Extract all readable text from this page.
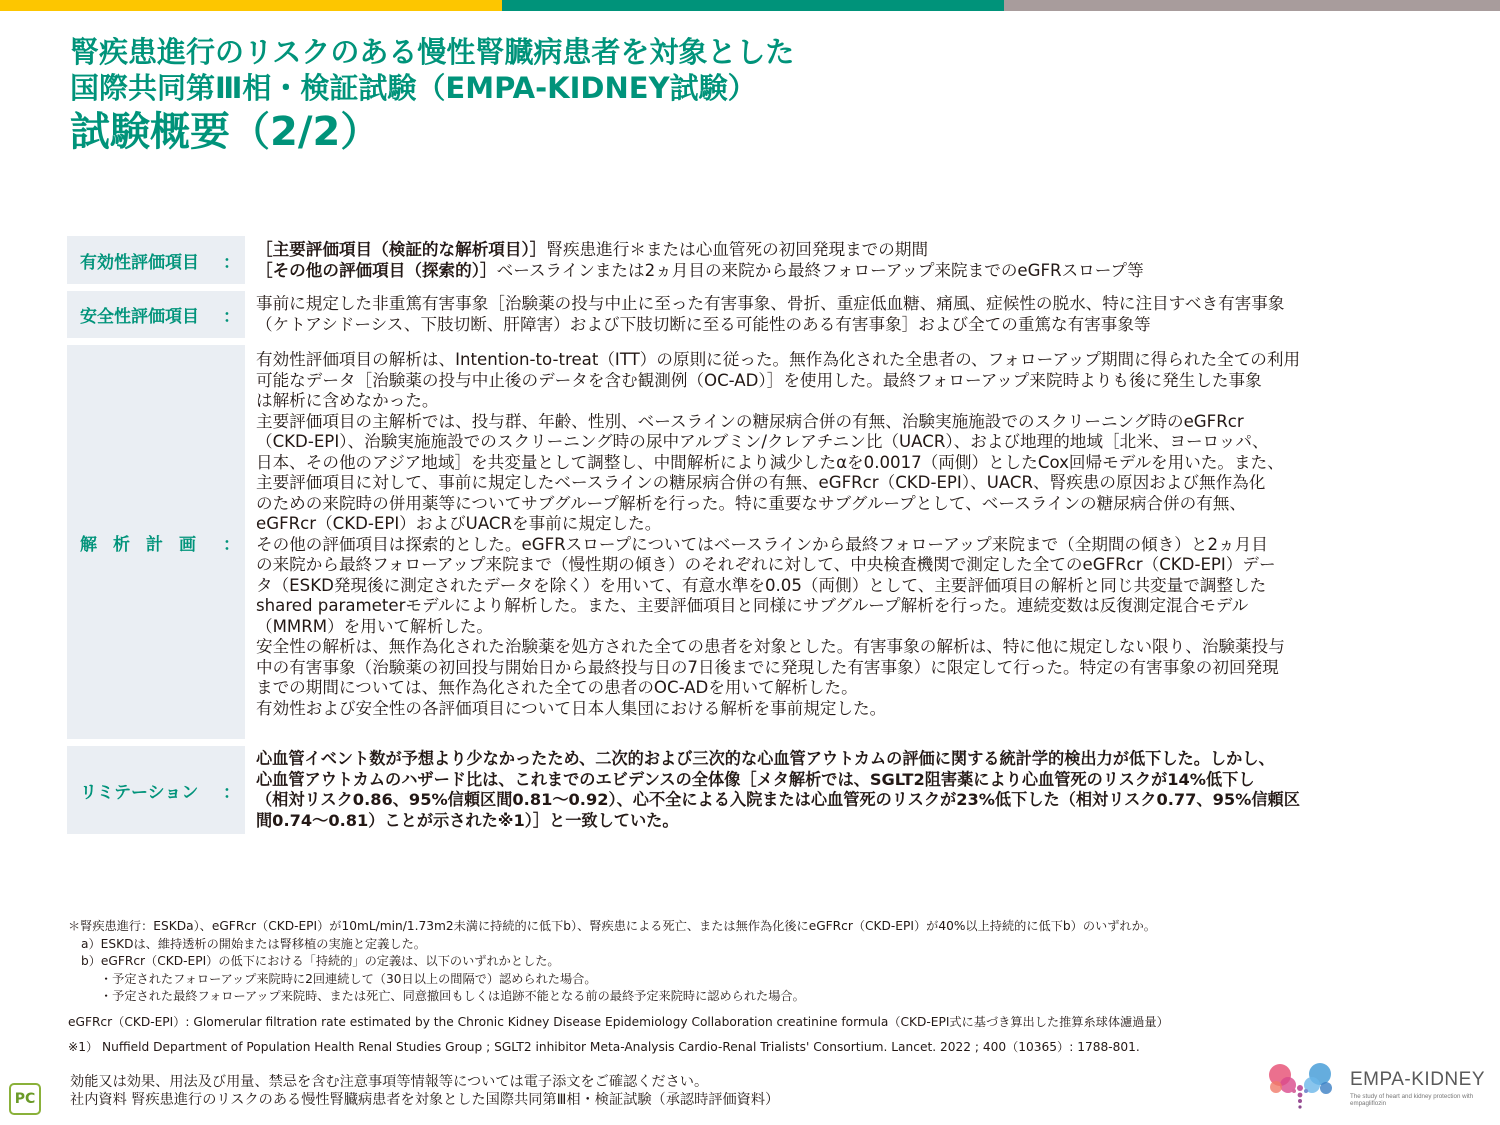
腎疾患進行のリスクのある慢性腎臓病患者を対象とした
国際共同第Ⅲ相・検証試験（EMPA-KIDNEY試験）
試験概要（2/2）
有効性評価項目 ：
［主要評価項目（検証的な解析項目）］腎疾患進行＊または心血管死の初回発現までの期間
［その他の評価項目（探索的）］ベースラインまたは2ヵ月目の来院から最終フォローアップ来院までのeGFRスロープ等
安全性評価項目 ：
事前に規定した非重篤有害事象［治験薬の投与中止に至った有害事象、骨折、重症低血糖、痛風、症候性の脱水、特に注目すべき有害事象
（ケトアシドーシス、下肢切断、肝障害）および下肢切断に至る可能性のある有害事象］および全ての重篤な有害事象等
解析計画 ：
有効性評価項目の解析は、Intention-to-treat（ITT）の原則に従った。無作為化された全患者の、フォローアップ期間に得られた全ての利用
可能なデータ［治験薬の投与中止後のデータを含む観測例（OC-AD）］を使用した。最終フォローアップ来院時よりも後に発生した事象
は解析に含めなかった。
主要評価項目の主解析では、投与群、年齢、性別、ベースラインの糖尿病合併の有無、治験実施施設でのスクリーニング時のeGFRcr
（CKD-EPI）、治験実施施設でのスクリーニング時の尿中アルブミン/クレアチニン比（UACR）、および地理的地域［北米、ヨーロッパ、
日本、その他のアジア地域］を共変量として調整し、中間解析により減少したαを0.0017（両側）としたCox回帰モデルを用いた。また、
主要評価項目に対して、事前に規定したベースラインの糖尿病合併の有無、eGFRcr（CKD-EPI）、UACR、腎疾患の原因および無作為化
のための来院時の併用薬等についてサブグループ解析を行った。特に重要なサブグループとして、ベースラインの糖尿病合併の有無、
eGFRcr（CKD-EPI）およびUACRを事前に規定した。
その他の評価項目は探索的とした。eGFRスロープについてはベースラインから最終フォローアップ来院まで（全期間の傾き）と2ヵ月目
の来院から最終フォローアップ来院まで（慢性期の傾き）のそれぞれに対して、中央検査機関で測定した全てのeGFRcr（CKD-EPI）デー
タ（ESKD発現後に測定されたデータを除く）を用いて、有意水準を0.05（両側）として、主要評価項目の解析と同じ共変量で調整した
shared parameterモデルにより解析した。また、主要評価項目と同様にサブグループ解析を行った。連続変数は反復測定混合モデル
（MMRM）を用いて解析した。
安全性の解析は、無作為化された治験薬を処方された全ての患者を対象とした。有害事象の解析は、特に他に規定しない限り、治験薬投与
中の有害事象（治験薬の初回投与開始日から最終投与日の7日後までに発現した有害事象）に限定して行った。特定の有害事象の初回発現
までの期間については、無作為化された全ての患者のOC-ADを用いて解析した。
有効性および安全性の各評価項目について日本人集団における解析を事前規定した。
リミテーション ：
心血管イベント数が予想より少なかったため、二次的および三次的な心血管アウトカムの評価に関する統計学的検出力が低下した。しかし、
心血管アウトカムのハザード比は、これまでのエビデンスの全体像［メタ解析では、SGLT2阻害薬により心血管死のリスクが14%低下し
（相対リスク0.86、95%信頼区間0.81～0.92）、心不全による入院または心血管死のリスクが23%低下した（相対リスク0.77、95%信頼区
間0.74～0.81）ことが示された※1）］と一致していた。
＊腎疾患進行：ESKDa）、eGFRcr（CKD-EPI）が10mL/min/1.73m2未満に持続的に低下b）、腎疾患による死亡、または無作為化後にeGFRcr（CKD-EPI）が40%以上持続的に低下b）のいずれか。
a）ESKDは、維持透析の開始または腎移植の実施と定義した。
b）eGFRcr（CKD-EPI）の低下における「持続的」の定義は、以下のいずれかとした。
・予定されたフォローアップ来院時に2回連続して（30日以上の間隔で）認められた場合。
・予定された最終フォローアップ来院時、または死亡、同意撤回もしくは追跡不能となる前の最終予定来院時に認められた場合。
eGFRcr（CKD-EPI）: Glomerular filtration rate estimated by the Chronic Kidney Disease Epidemiology Collaboration creatinine formula（CKD-EPI式に基づき算出した推算糸球体濾過量）
※1） Nuffield Department of Population Health Renal Studies Group ; SGLT2 inhibitor Meta-Analysis Cardio-Renal Trialists' Consortium. Lancet. 2022 ; 400（10365）: 1788-801.
効能又は効果、用法及び用量、禁忌を含む注意事項等情報等については電子添文をご確認ください。
社内資料 腎疾患進行のリスクのある慢性腎臓病患者を対象とした国際共同第Ⅲ相・検証試験（承認時評価資料）
PC
EMPA-KIDNEY
The study of heart and kidney protection with empagliflozin
